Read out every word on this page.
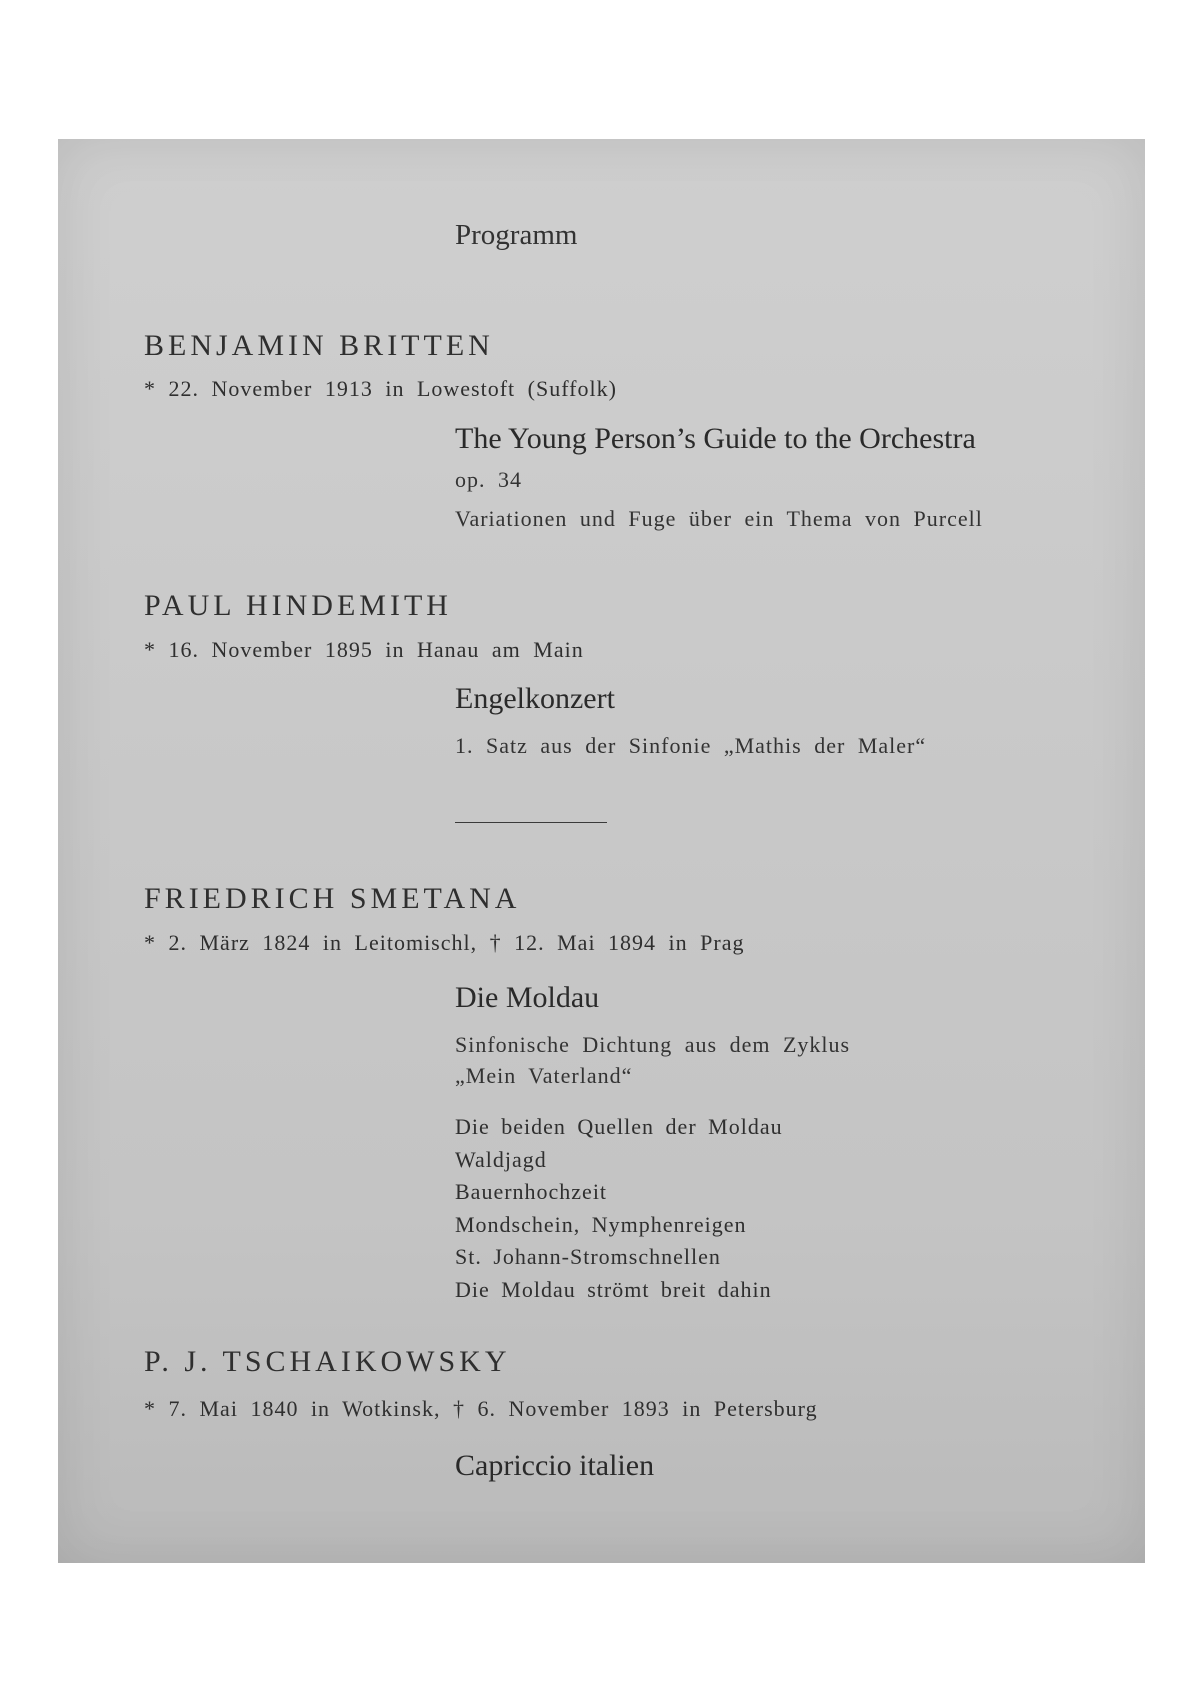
Programm
BENJAMIN BRITTEN
* 22. November 1913 in Lowestoft (Suffolk)
The Young Person’s Guide to the Orchestra
op. 34
Variationen und Fuge über ein Thema von Purcell
PAUL HINDEMITH
* 16. November 1895 in Hanau am Main
Engelkonzert
1. Satz aus der Sinfonie „Mathis der Maler“
FRIEDRICH SMETANA
* 2. März 1824 in Leitomischl, † 12. Mai 1894 in Prag
Die Moldau
Sinfonische Dichtung aus dem Zyklus
„Mein Vaterland“
Die beiden Quellen der Moldau
Waldjagd
Bauernhochzeit
Mondschein, Nymphenreigen
St. Johann-Stromschnellen
Die Moldau strömt breit dahin
P. J. TSCHAIKOWSKY
* 7. Mai 1840 in Wotkinsk, † 6. November 1893 in Petersburg
Capriccio italien
